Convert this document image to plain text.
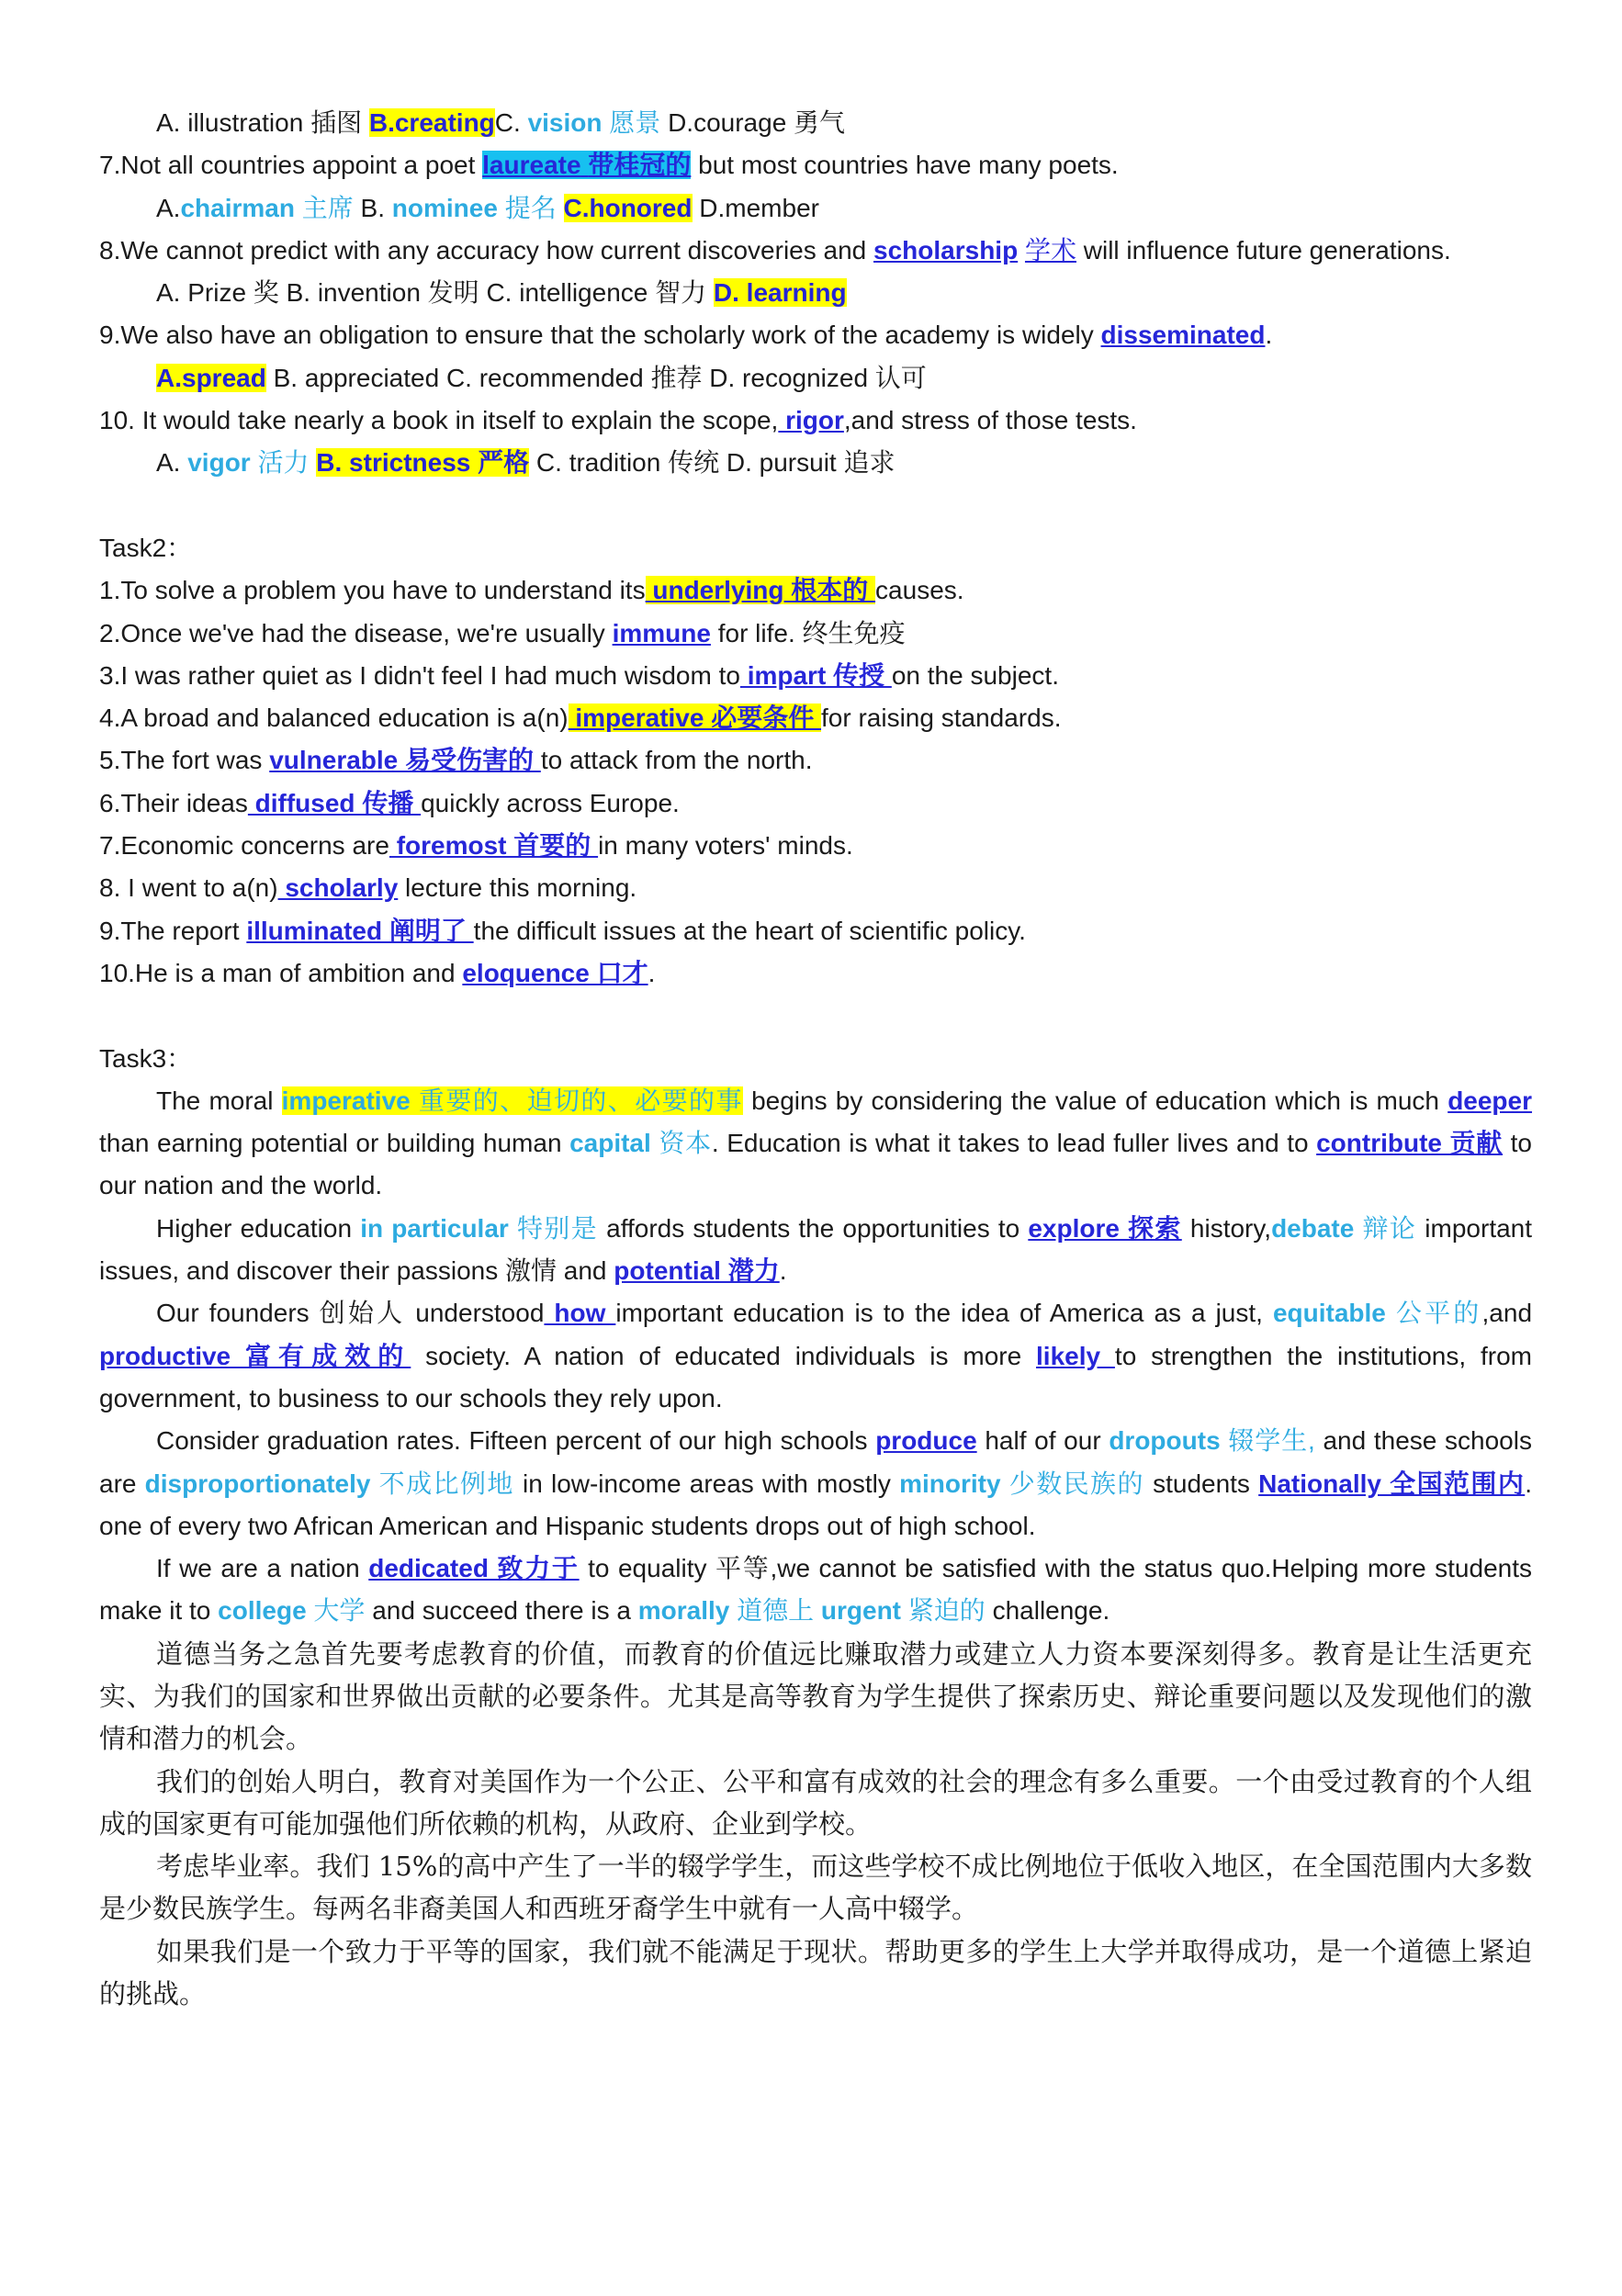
A. illustration 插图 B.creatingC. vision 愿景 D.courage 勇气

7.Not all countries appoint a poet laureate 带桂冠的 but most countries have many poets.

A.chairman 主席 B. nominee 提名 C.honored D.member

8.We cannot predict with any accuracy how current discoveries and scholarship 学术 will influence future generations.

A. Prize 奖 B. invention 发明 C. intelligence 智力 D. learning

9.We also have an obligation to ensure that the scholarly work of the academy is widely disseminated.

A.spread B. appreciated C. recommended 推荐 D. recognized 认可

10. It would take nearly a book in itself to explain the scope, rigor,and stress of those tests.

A. vigor 活力 B. strictness 严格 C. tradition 传统 D. pursuit 追求

Task2：

1.To solve a problem you have to understand its underlying 根本的 causes.

2.Once we've had the disease, we're usually immune for life. 终生免疫

3.I was rather quiet as I didn't feel I had much wisdom to impart 传授 on the subject.

4.A broad and balanced education is a(n) imperative 必要条件 for raising standards.

5.The fort was vulnerable 易受伤害的 to attack from the north.

6.Their ideas diffused 传播 quickly across Europe.

7.Economic concerns are foremost 首要的 in many voters' minds.

8. I went to a(n) scholarly lecture this morning.

9.The report illuminated 阐明了 the difficult issues at the heart of scientific policy.

10.He is a man of ambition and eloquence 口才.

Task3：

The moral imperative 重要的、迫切的、必要的事 begins by considering the value of education which is much deeper than earning potential or building human capital 资本. Education is what it takes to lead fuller lives and to contribute 贡献 to our nation and the world.

Higher education in particular 特别是 affords students the opportunities to explore 探索 history,debate 辩论 important issues, and discover their passions 激情 and potential 潜力.

Our founders 创始人 understood how important education is to the idea of America as a just, equitable 公平的,and productive 富有成效的 society. A nation of educated individuals is more likely to strengthen the institutions, from government, to business to our schools they rely upon.

Consider graduation rates. Fifteen percent of our high schools produce half of our dropouts 辍学生, and these schools are disproportionately 不成比例地 in low-income areas with mostly minority 少数民族的 students Nationally 全国范围内. one of every two African American and Hispanic students drops out of high school.

If we are a nation dedicated 致力于 to equality 平等,we cannot be satisfied with the status quo.Helping more students make it to college 大学 and succeed there is a morally 道德上 urgent 紧迫的 challenge.

道德当务之急首先要考虑教育的价值，而教育的价值远比赚取潜力或建立人力资本要深刻得多。教育是让生活更充实、为我们的国家和世界做出贡献的必要条件。尤其是高等教育为学生提供了探索历史、辩论重要问题以及发现他们的激情和潜力的机会。

我们的创始人明白，教育对美国作为一个公正、公平和富有成效的社会的理念有多么重要。一个由受过教育的个人组成的国家更有可能加强他们所依赖的机构，从政府、企业到学校。

考虑毕业率。我们 15%的高中产生了一半的辍学学生，而这些学校不成比例地位于低收入地区，在全国范围内大多数是少数民族学生。每两名非裔美国人和西班牙裔学生中就有一人高中辍学。

如果我们是一个致力于平等的国家，我们就不能满足于现状。帮助更多的学生上大学并取得成功，是一个道德上紧迫的挑战。
